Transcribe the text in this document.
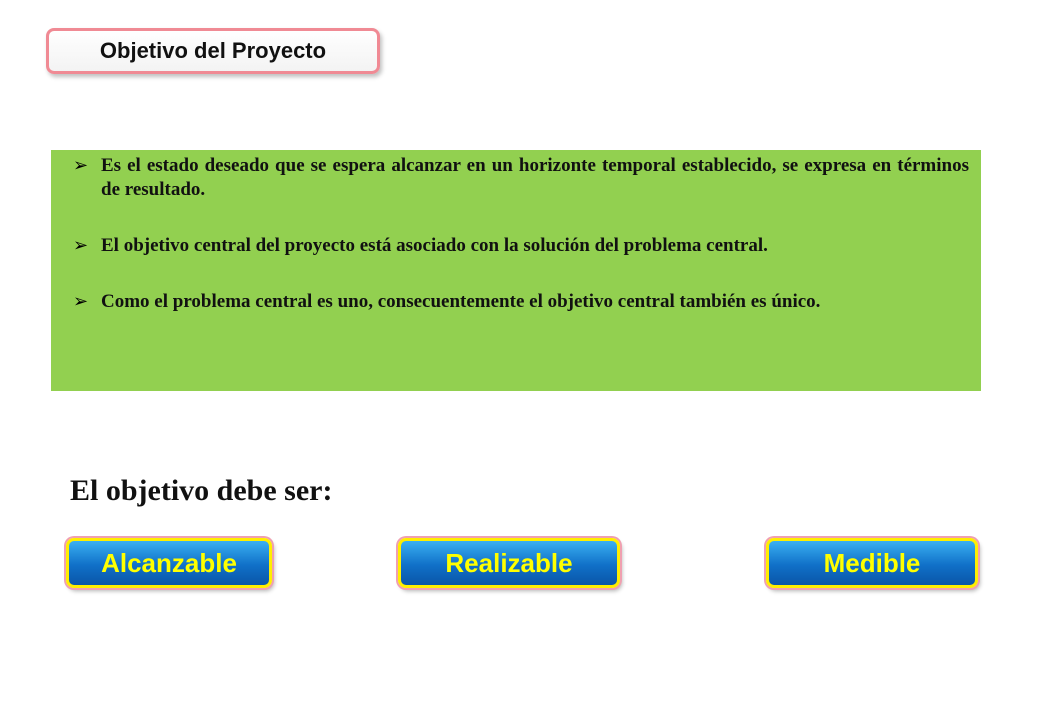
Objetivo del Proyecto
➢ Es el estado deseado que se espera alcanzar en un horizonte temporal establecido, se expresa en términos de resultado.
➢ El objetivo central del proyecto está asociado con la solución del problema central.
➢ Como el problema central es uno, consecuentemente el objetivo central también es único.
El objetivo debe ser:
Alcanzable	Realizable	Medible
